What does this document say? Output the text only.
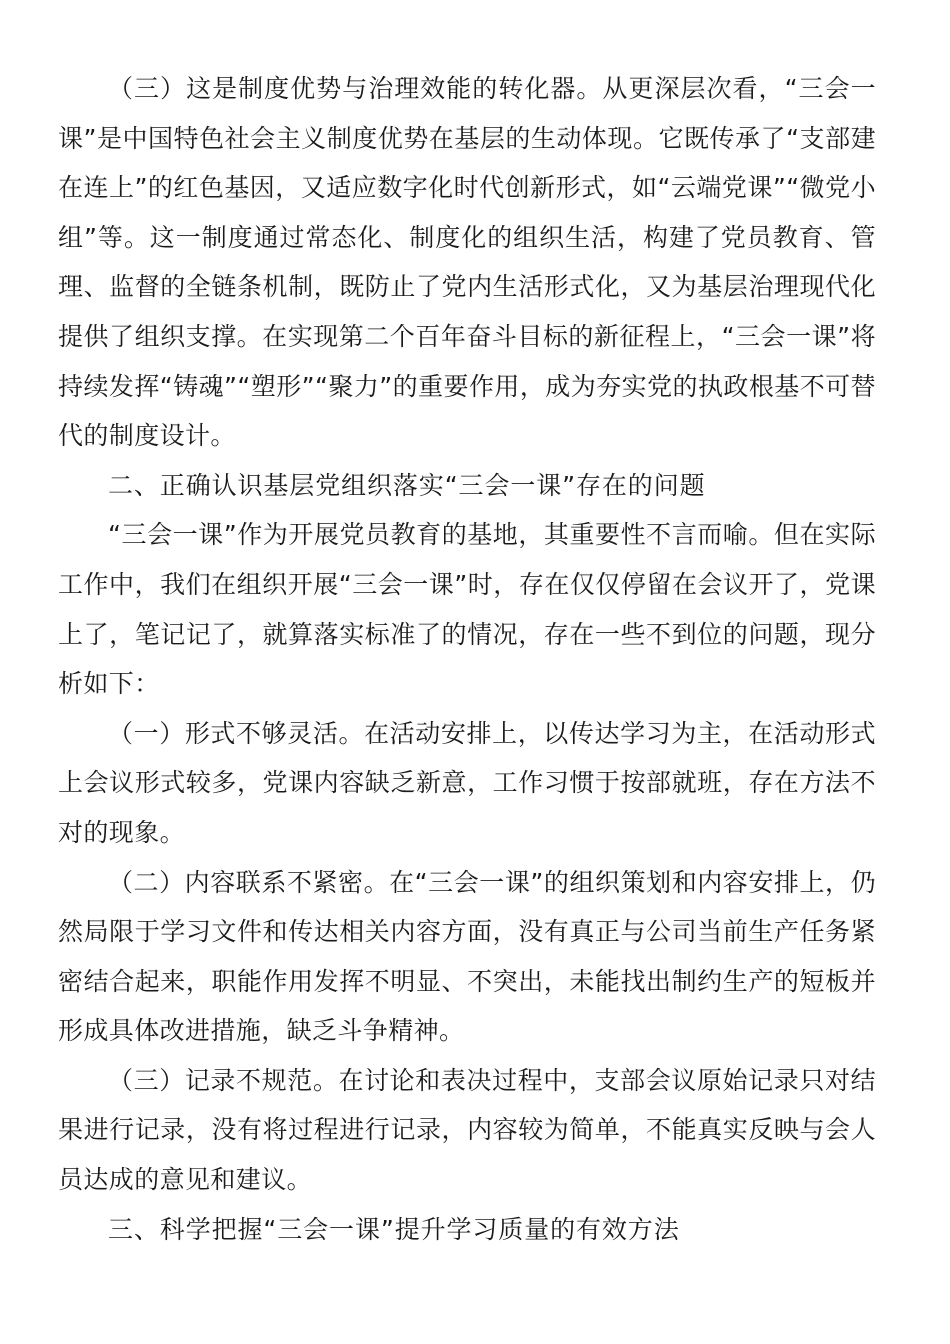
（三）这是制度优势与治理效能的转化器。从更深层次看，“三会一课”是中国特色社会主义制度优势在基层的生动体现。它既传承了“支部建在连上”的红色基因，又适应数字化时代创新形式，如“云端党课”“微党小组”等。这一制度通过常态化、制度化的组织生活，构建了党员教育、管理、监督的全链条机制，既防止了党内生活形式化，又为基层治理现代化提供了组织支撑。在实现第二个百年奋斗目标的新征程上，“三会一课”将持续发挥“铸魂”“塑形”“聚力”的重要作用，成为夯实党的执政根基不可替代的制度设计。

二、正确认识基层党组织落实“三会一课”存在的问题

“三会一课”作为开展党员教育的基地，其重要性不言而喻。但在实际工作中，我们在组织开展“三会一课”时，存在仅仅停留在会议开了，党课上了，笔记记了，就算落实标准了的情况，存在一些不到位的问题，现分析如下：

（一）形式不够灵活。在活动安排上，以传达学习为主，在活动形式上会议形式较多，党课内容缺乏新意，工作习惯于按部就班，存在方法不对的现象。

（二）内容联系不紧密。在“三会一课”的组织策划和内容安排上，仍然局限于学习文件和传达相关内容方面，没有真正与公司当前生产任务紧密结合起来，职能作用发挥不明显、不突出，未能找出制约生产的短板并形成具体改进措施，缺乏斗争精神。

（三）记录不规范。在讨论和表决过程中，支部会议原始记录只对结果进行记录，没有将过程进行记录，内容较为简单，不能真实反映与会人员达成的意见和建议。

三、科学把握“三会一课”提升学习质量的有效方法
